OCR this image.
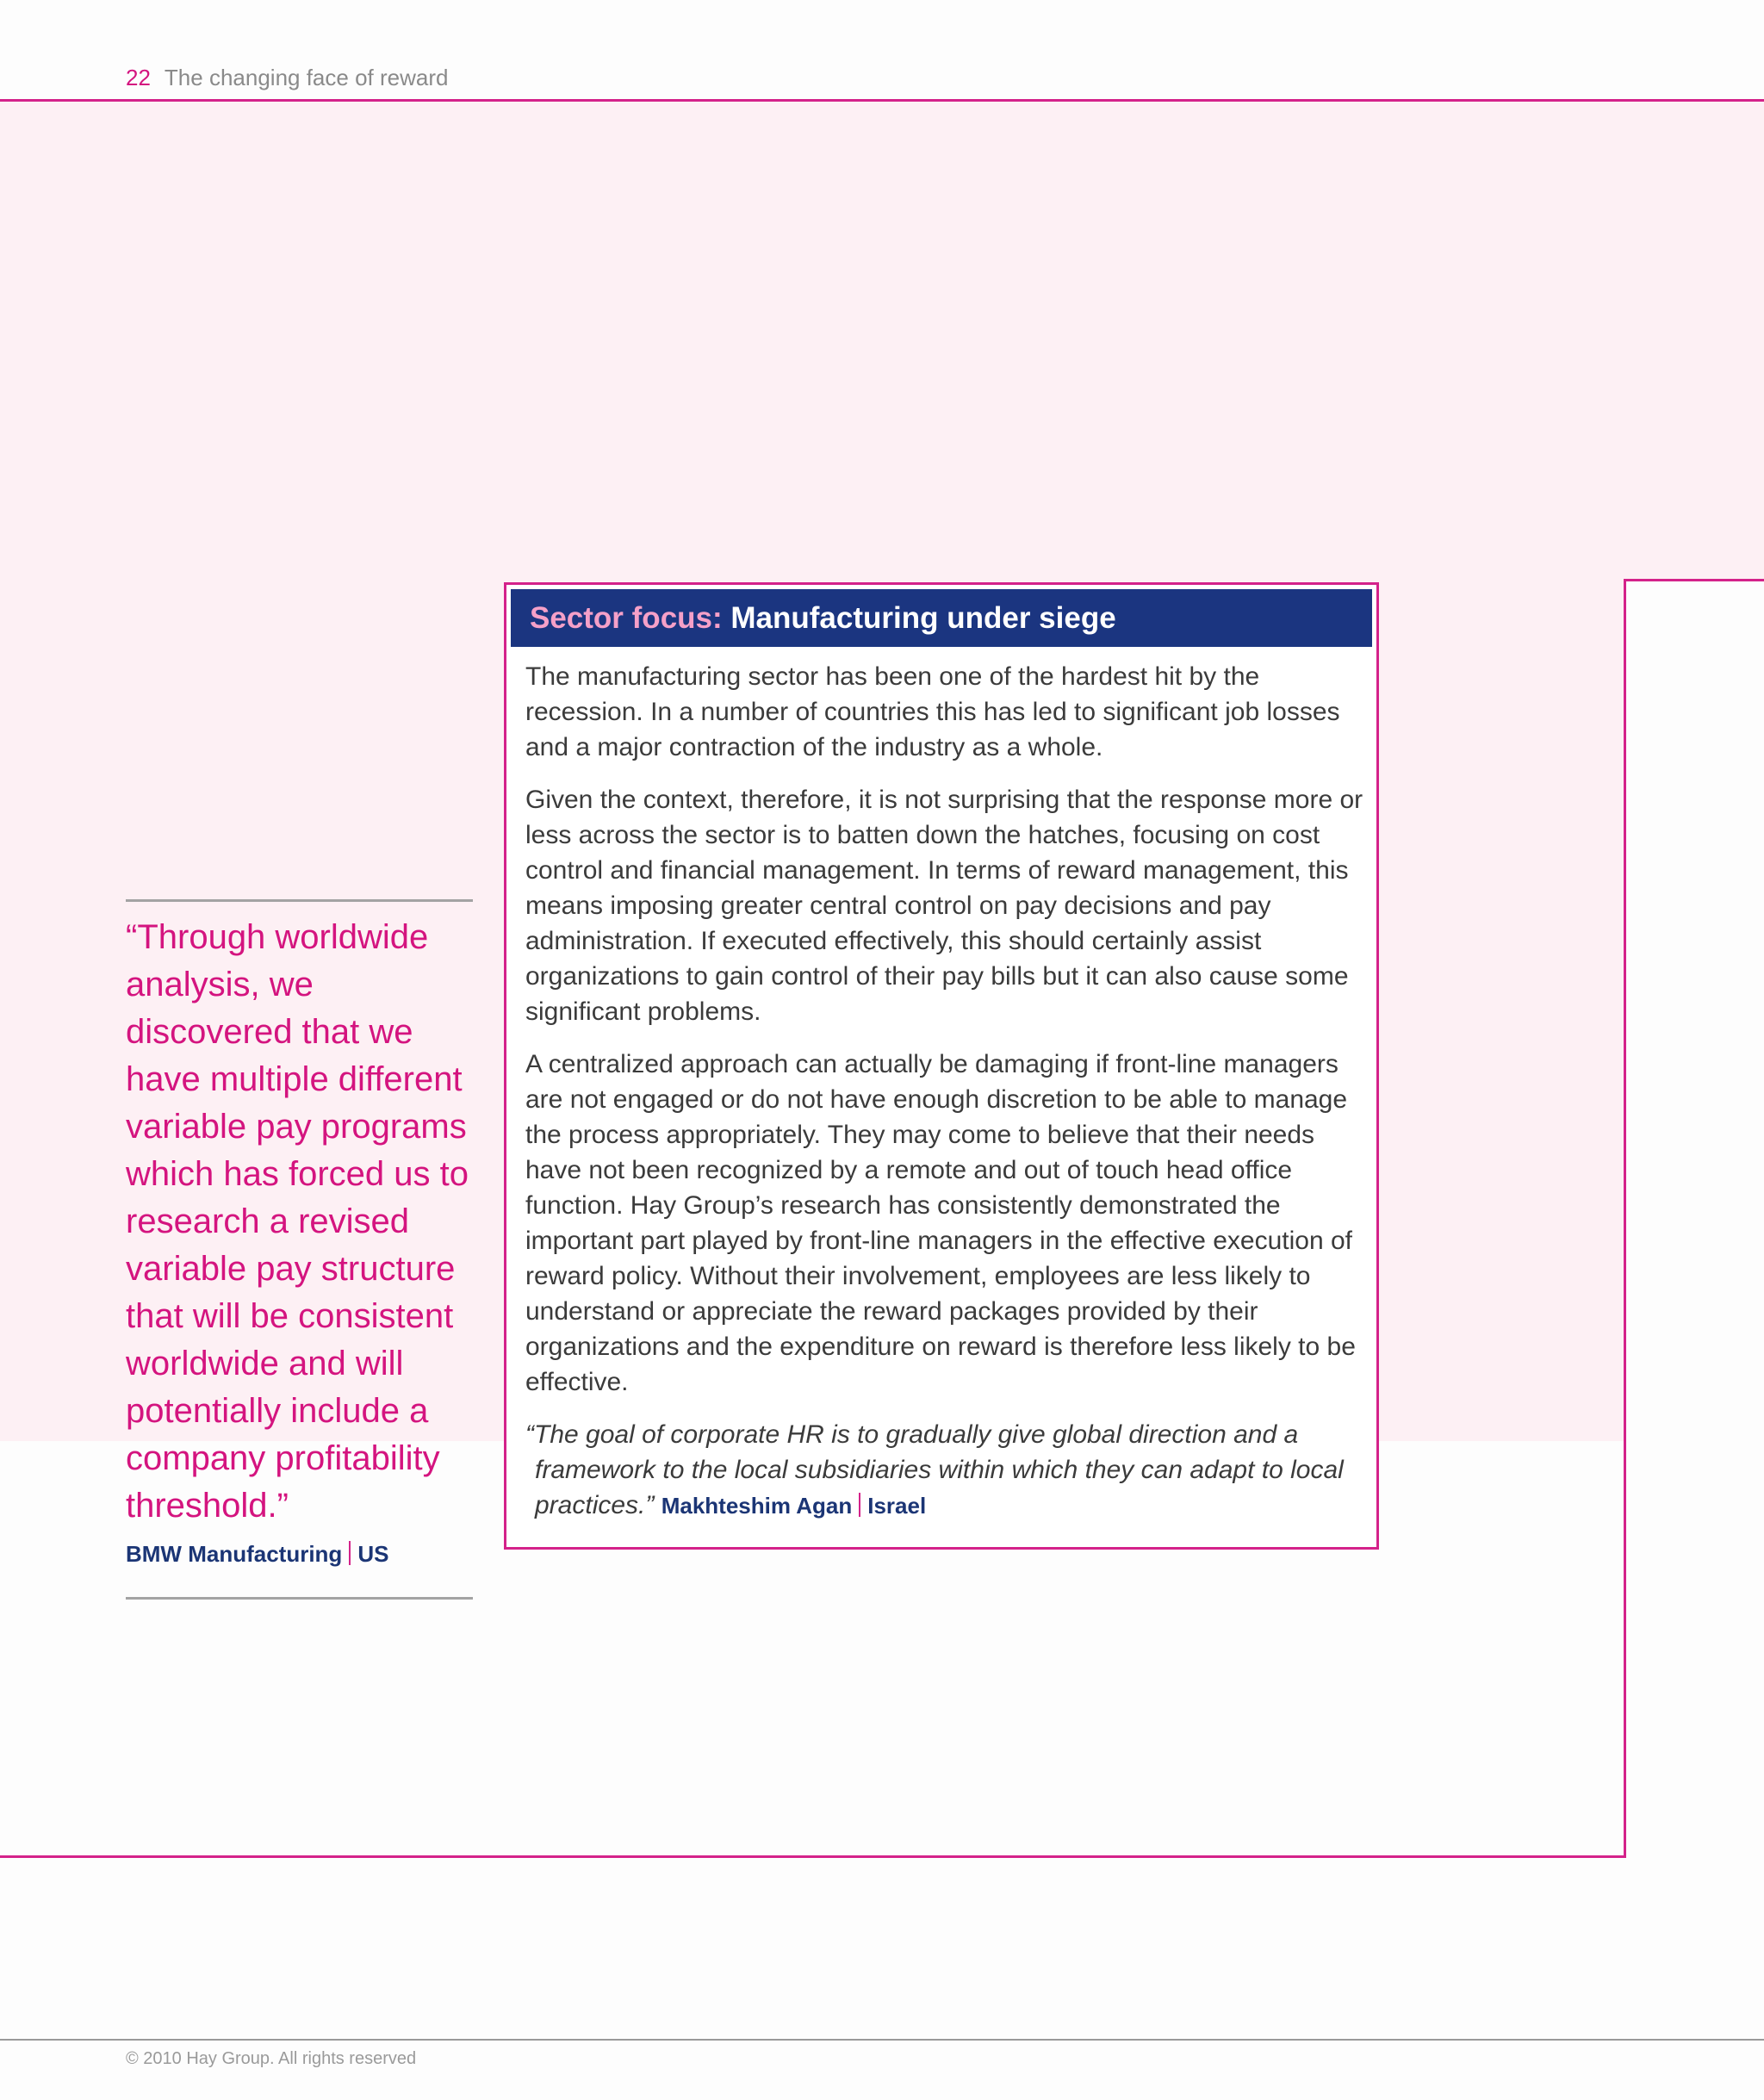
22 The changing face of reward
“Through worldwide analysis, we discovered that we have multiple different variable pay programs which has forced us to research a revised variable pay structure that will be consistent worldwide and will potentially include a company profitability threshold.”
BMW Manufacturing US
Sector focus: Manufacturing under siege

The manufacturing sector has been one of the hardest hit by the recession. In a number of countries this has led to significant job losses and a major contraction of the industry as a whole.

Given the context, therefore, it is not surprising that the response more or less across the sector is to batten down the hatches, focusing on cost control and financial management. In terms of reward management, this means imposing greater central control on pay decisions and pay administration. If executed effectively, this should certainly assist organizations to gain control of their pay bills but it can also cause some significant problems.

A centralized approach can actually be damaging if front-line managers are not engaged or do not have enough discretion to be able to manage the process appropriately. They may come to believe that their needs have not been recognized by a remote and out of touch head office function. Hay Group’s research has consistently demonstrated the important part played by front-line managers in the effective execution of reward policy. Without their involvement, employees are less likely to understand or appreciate the reward packages provided by their organizations and the expenditure on reward is therefore less likely to be effective.

“The goal of corporate HR is to gradually give global direction and a framework to the local subsidiaries within which they can adapt to local practices.” Makhteshim Agan Israel

© 2010 Hay Group. All rights reserved
